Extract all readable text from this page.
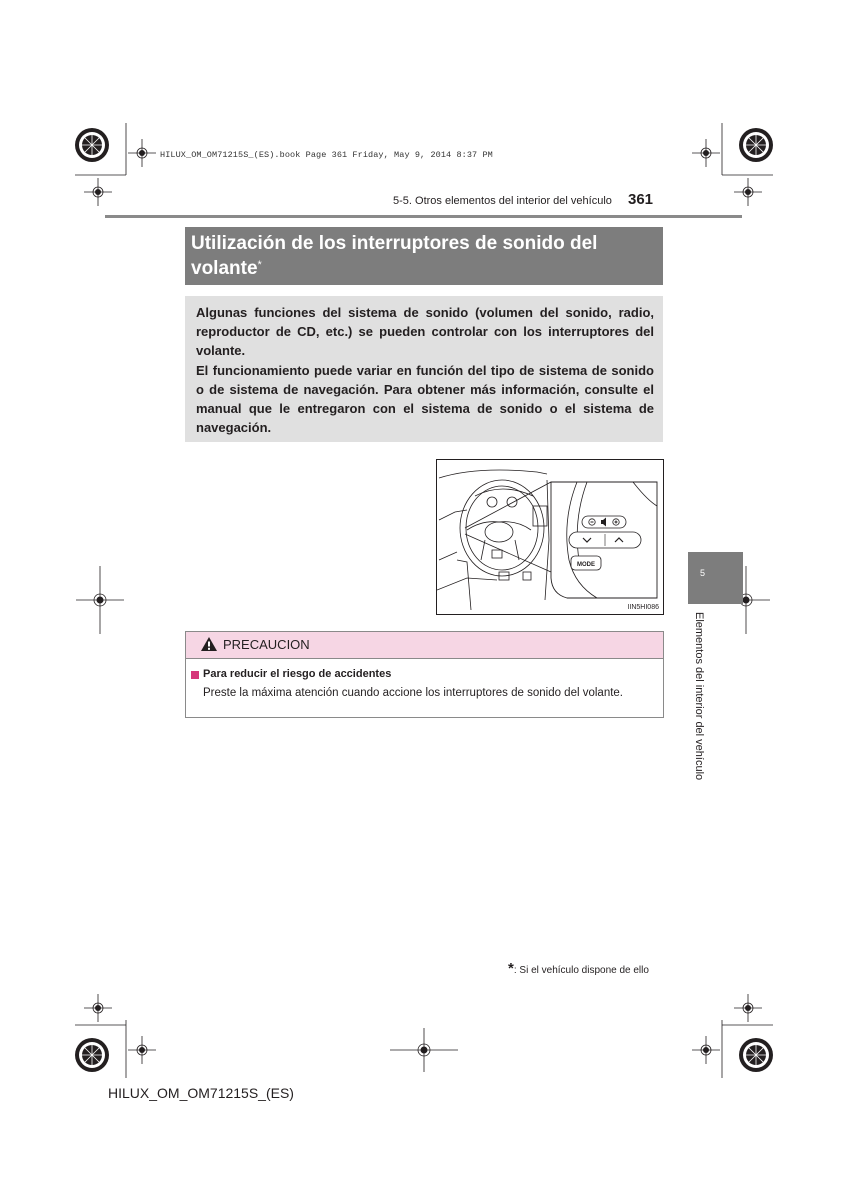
HILUX_OM_OM71215S_(ES).book Page 361 Friday, May 9, 2014 8:37 PM
5-5. Otros elementos del interior del vehículo 361
Utilización de los interruptores de sonido del volante*

Algunas funciones del sistema de sonido (volumen del sonido, radio, reproductor de CD, etc.) se pueden controlar con los interruptores del volante.

El funcionamiento puede variar en función del tipo de sistema de sonido o de sistema de navegación. Para obtener más información, consulte el manual que le entregaron con el sistema de sonido o el sistema de navegación.

MODE
IIN5HI086
5
Elementos del interior del vehículo
PRECAUCION
Para reducir el riesgo de accidentes
Preste la máxima atención cuando accione los interruptores de sonido del volante.
*: Si el vehículo dispone de ello
HILUX_OM_OM71215S_(ES)
